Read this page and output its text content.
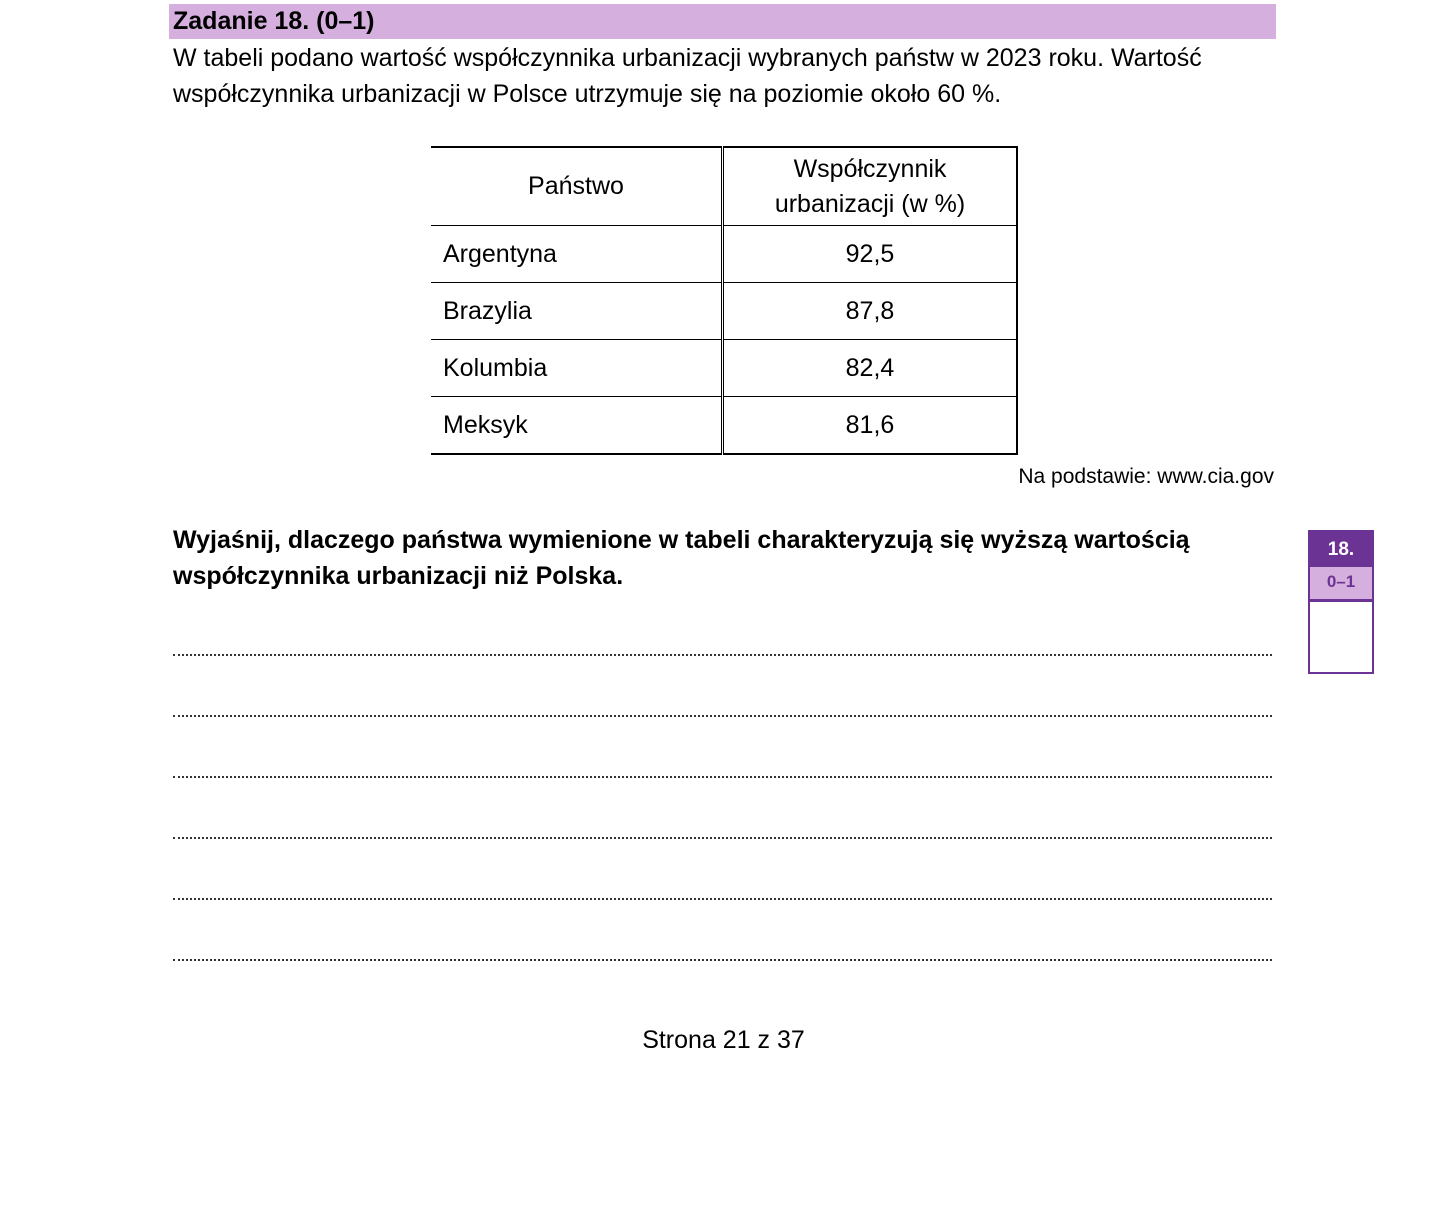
Zadanie 18. (0–1)
W tabeli podano wartość współczynnika urbanizacji wybranych państw w 2023 roku. Wartość współczynnika urbanizacji w Polsce utrzymuje się na poziomie około 60 %.
Państwo	Współczynnik urbanizacji (w %)
Argentyna	92,5
Brazylia	87,8
Kolumbia	82,4
Meksyk	81,6
Na podstawie: www.cia.gov
Wyjaśnij, dlaczego państwa wymienione w tabeli charakteryzują się wyższą wartością współczynnika urbanizacji niż Polska.
18.
0–1
Strona 21 z 37
